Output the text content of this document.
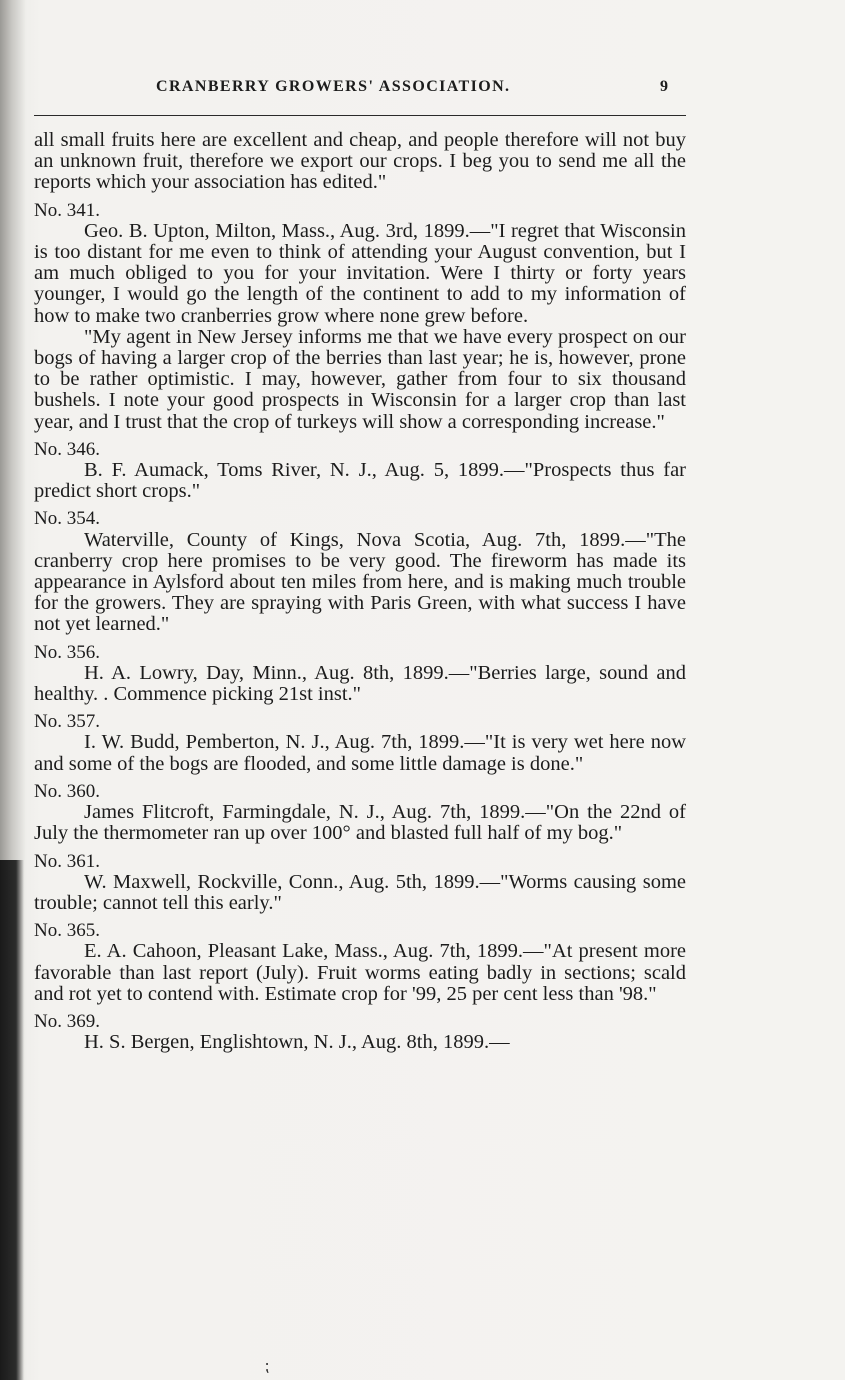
CRANBERRY GROWERS' ASSOCIATION.	9

all small fruits here are excellent and cheap, and people therefore will not buy an unknown fruit, therefore we export our crops. I beg you to send me all the reports which your association has edited."

No. 341.

Geo. B. Upton, Milton, Mass., Aug. 3rd, 1899.—"I regret that Wisconsin is too distant for me even to think of attending your August convention, but I am much obliged to you for your invitation. Were I thirty or forty years younger, I would go the length of the continent to add to my information of how to make two cranberries grow where none grew before.

"My agent in New Jersey informs me that we have every prospect on our bogs of having a larger crop of the berries than last year; he is, however, prone to be rather optimistic. I may, however, gather from four to six thousand bushels. I note your good prospects in Wisconsin for a larger crop than last year, and I trust that the crop of turkeys will show a corresponding increase."

No. 346.

B. F. Aumack, Toms River, N. J., Aug. 5, 1899.—"Prospects thus far predict short crops."

No. 354.

Waterville, County of Kings, Nova Scotia, Aug. 7th, 1899.—"The cranberry crop here promises to be very good. The fireworm has made its appearance in Aylsford about ten miles from here, and is making much trouble for the growers. They are spraying with Paris Green, with what success I have not yet learned."

No. 356.

H. A. Lowry, Day, Minn., Aug. 8th, 1899.—"Berries large, sound and healthy. . Commence picking 21st inst."

No. 357.

I. W. Budd, Pemberton, N. J., Aug. 7th, 1899.—"It is very wet here now and some of the bogs are flooded, and some little damage is done."

No. 360.

James Flitcroft, Farmingdale, N. J., Aug. 7th, 1899.—"On the 22nd of July the thermometer ran up over 100° and blasted full half of my bog."

No. 361.

W. Maxwell, Rockville, Conn., Aug. 5th, 1899.—"Worms causing some trouble; cannot tell this early."

No. 365.

E. A. Cahoon, Pleasant Lake, Mass., Aug. 7th, 1899.—"At present more favorable than last report (July). Fruit worms eating badly in sections; scald and rot yet to contend with. Estimate crop for '99, 25 per cent less than '98."

No. 369.

H. S. Bergen, Englishtown, N. J., Aug. 8th, 1899.—

⁏
